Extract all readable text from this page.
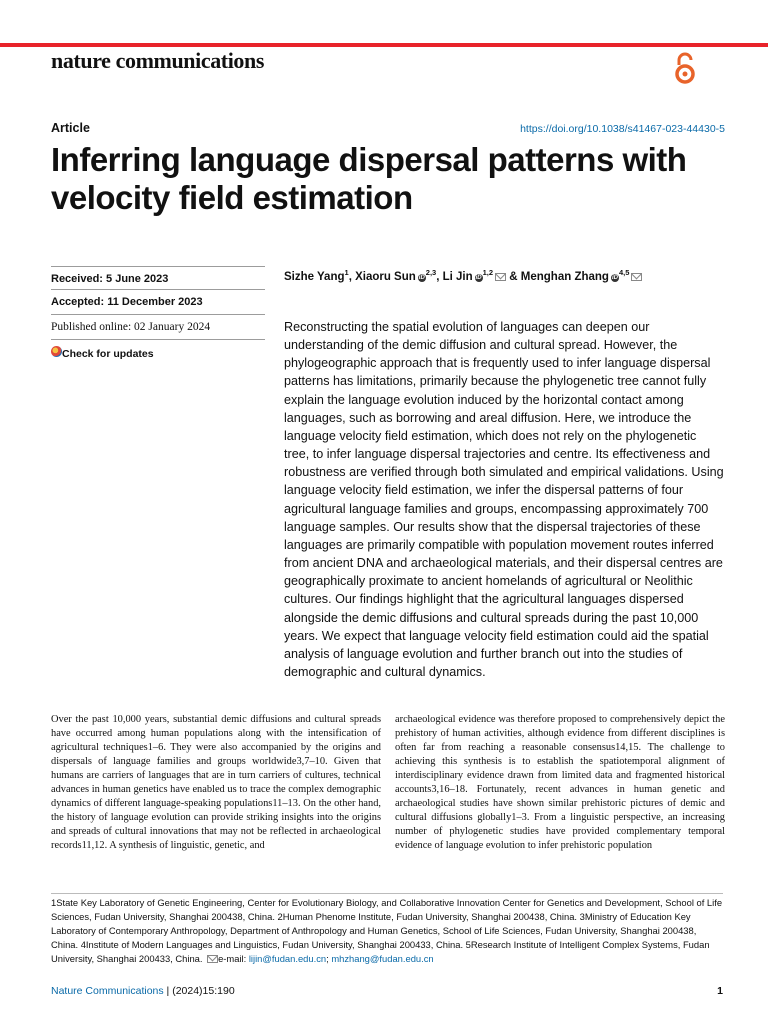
nature communications
Article	https://doi.org/10.1038/s41467-023-44430-5
Inferring language dispersal patterns with velocity field estimation
Received: 5 June 2023
Accepted: 11 December 2023
Published online: 02 January 2024
Check for updates
Sizhe Yang$^1$, Xiaoru Sun iD$^{2,3}$, Li Jin iD$^{1,2}$ & Menghan Zhang iD$^{4,5}$

Reconstructing the spatial evolution of languages can deepen our understanding of the demic diffusion and cultural spread. However, the phylogeographic approach that is frequently used to infer language dispersal patterns has limitations, primarily because the phylogenetic tree cannot fully explain the language evolution induced by the horizontal contact among languages, such as borrowing and areal diffusion. Here, we introduce the language velocity field estimation, which does not rely on the phylogenetic tree, to infer language dispersal trajectories and centre. Its effectiveness and robustness are verified through both simulated and empirical validations. Using language velocity field estimation, we infer the dispersal patterns of four agricultural language families and groups, encompassing approximately 700 language samples. Our results show that the dispersal trajectories of these languages are primarily compatible with population movement routes inferred from ancient DNA and archaeological materials, and their dispersal centres are geographically proximate to ancient homelands of agricultural or Neolithic cultures. Our findings highlight that the agricultural languages dispersed alongside the demic diffusions and cultural spreads during the past 10,000 years. We expect that language velocity field estimation could aid the spatial analysis of language evolution and further branch out into the studies of demographic and cultural dynamics.

Over the past 10,000 years, substantial demic diffusions and cultural spreads have occurred among human populations along with the intensification of agricultural techniques1–6. They were also accompanied by the origins and dispersals of language families and groups worldwide3,7–10. Given that humans are carriers of languages that are in turn carriers of cultures, technical advances in human genetics have enabled us to trace the complex demographic dynamics of different language-speaking populations11–13. On the other hand, the history of language evolution can provide striking insights into the origins and spreads of cultural innovations that may not be reflected in archaeological records11,12. A synthesis of linguistic, genetic, and

archaeological evidence was therefore proposed to comprehensively depict the prehistory of human activities, although evidence from different disciplines is often far from reaching a reasonable consensus14,15. The challenge to achieving this synthesis is to establish the spatiotemporal alignment of interdisciplinary evidence drawn from limited data and fragmented historical accounts3,16–18. Fortunately, recent advances in human genetic and archaeological studies have shown similar prehistoric pictures of demic and cultural diffusions globally1–3. From a linguistic perspective, an increasing number of phylogenetic studies have provided complementary temporal evidence of language evolution to infer prehistoric population

1State Key Laboratory of Genetic Engineering, Center for Evolutionary Biology, and Collaborative Innovation Center for Genetics and Development, School of Life Sciences, Fudan University, Shanghai 200438, China. 2Human Phenome Institute, Fudan University, Shanghai 200438, China. 3Ministry of Education Key Laboratory of Contemporary Anthropology, Department of Anthropology and Human Genetics, School of Life Sciences, Fudan University, Shanghai 200438, China. 4Institute of Modern Languages and Linguistics, Fudan University, Shanghai 200433, China. 5Research Institute of Intelligent Complex Systems, Fudan University, Shanghai 200433, China. e-mail: lijin@fudan.edu.cn; mhzhang@fudan.edu.cn

Nature Communications | (2024)15:190	1
